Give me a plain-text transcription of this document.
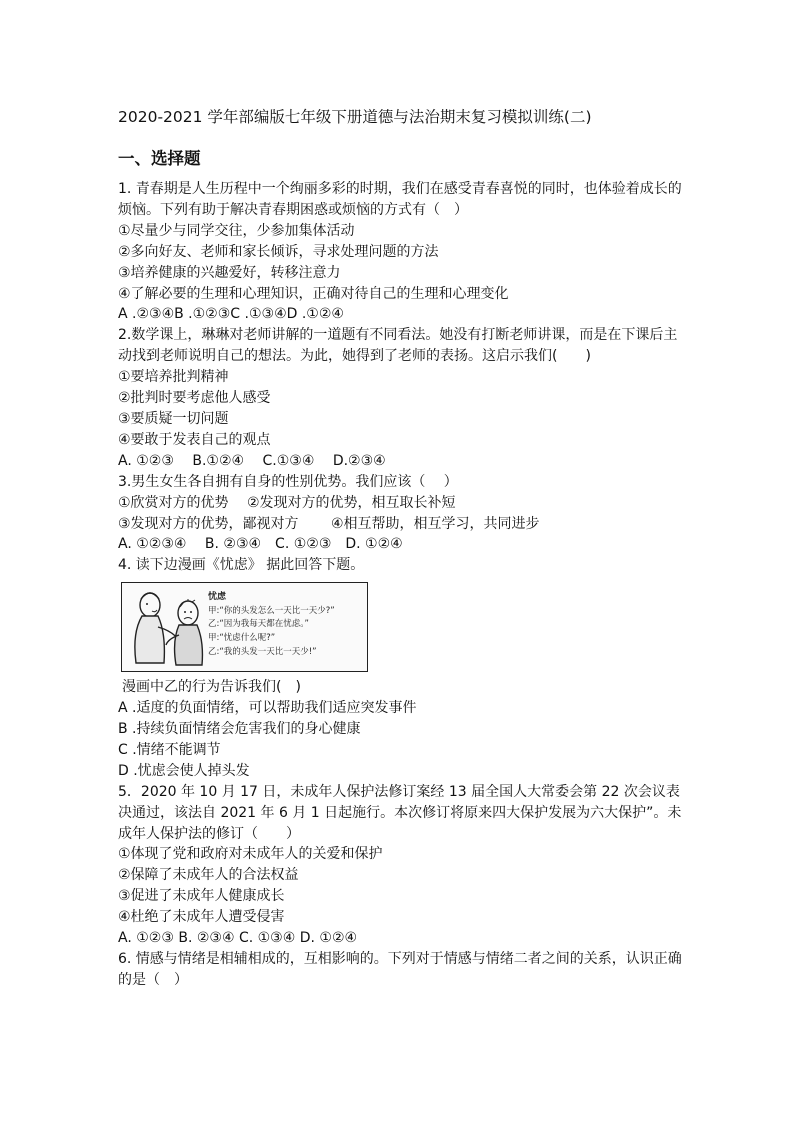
2020-2021 学年部编版七年级下册道德与法治期末复习模拟训练(二)
一、选择题

1. 青春期是人生历程中一个绚丽多彩的时期，我们在感受青春喜悦的同时，也体验着成长的烦恼。下列有助于解决青春期困惑或烦恼的方式有（　）

①尽量少与同学交往，少参加集体活动

②多向好友、老师和家长倾诉，寻求处理问题的方法

③培养健康的兴趣爱好，转移注意力

④了解必要的生理和心理知识，正确对待自己的生理和心理变化

A .②③④B .①②③C .①③④D .①②④

2.数学课上，琳琳对老师讲解的一道题有不同看法。她没有打断老师讲课，而是在下课后主动找到老师说明自己的想法。为此，她得到了老师的表扬。这启示我们(　　)

①要培养批判精神

②批判时要考虑他人感受

③要质疑一切问题

④要敢于发表自己的观点

A. ①②③　 B.①②④　 C.①③④　 D.②③④

3.男生女生各自拥有自身的性别优势。我们应该（　 ）

①欣赏对方的优势　 ②发现对方的优势，相互取长补短

③发现对方的优势，鄙视对方　　 ④相互帮助，相互学习，共同进步

A. ①②③④　 B. ②③④　C. ①②③　D. ①②④

4. 读下边漫画《忧虑》 据此回答下题。

忧虑
甲:“你的头发怎么一天比一天少?”
乙:“因为我每天都在忧虑。”
甲:“忧虑什么呢?”
乙:“我的头发一天比一天少!”

漫画中乙的行为告诉我们(　)

A .适度的负面情绪，可以帮助我们适应突发事件

B .持续负面情绪会危害我们的身心健康

C .情绪不能调节

D .忧虑会使人掉头发

5．2020 年 10 月 17 日，未成年人保护法修订案经 13 届全国人大常委会第 22 次会议表决通过，该法自 2021 年 6 月 1 日起施行。本次修订将原来四大保护发展为六大保护”。未成年人保护法的修订（　　）

①体现了党和政府对未成年人的关爱和保护

②保障了未成年人的合法权益

③促进了未成年人健康成长

④杜绝了未成年人遭受侵害

A. ①②③ B. ②③④ C. ①③④ D. ①②④

6. 情感与情绪是相辅相成的，互相影响的。下列对于情感与情绪二者之间的关系，认识正确的是（　）
